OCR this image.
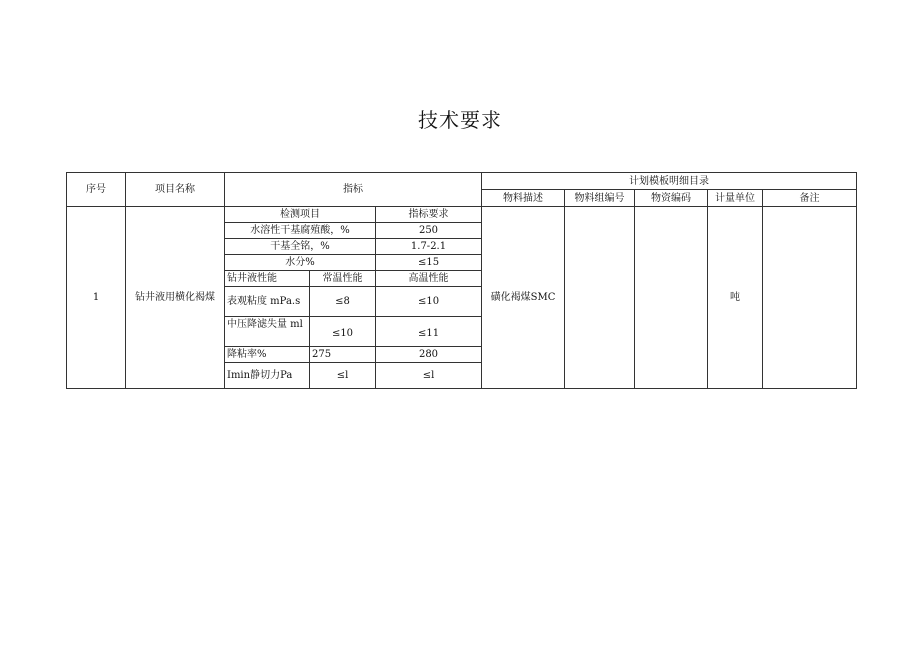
技术要求
序号	项目名称	指标			计划模板明细目录				
					物料描述	物料组编号	物资编码	计量单位	备注
1	钻井液用横化褐煤	检测项目		指标要求	磺化褐煤SMC			吨	
		水溶性干基腐殖酸，%		250					
		干基全铭，%		1.7-2.1					
		水分%		≤15					
		钻井液性能	常温性能	高温性能					
		表观粘度 mPa.s	≤8	≤10					
		中压降滤失量 ml	≤10	≤11					
		降粘率%	275	280					
		Imin静切力Pa	≤l	≤l					
